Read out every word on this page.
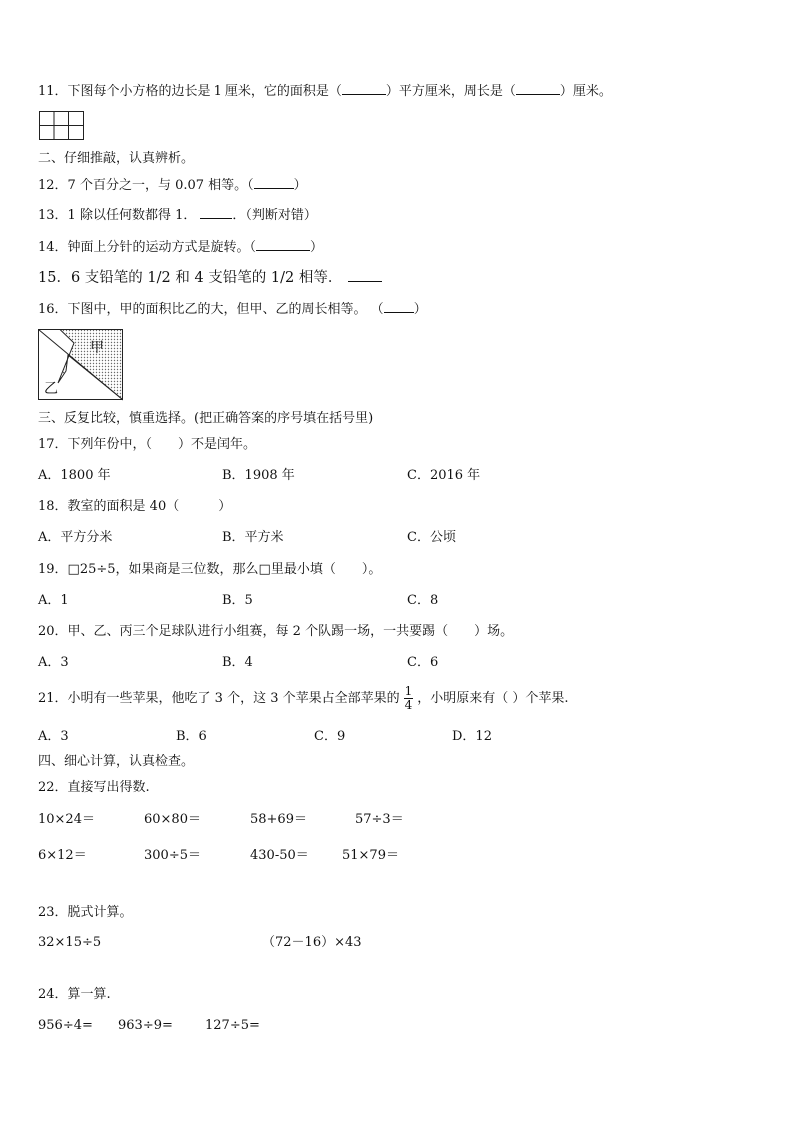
11．下图每个小方格的边长是 1 厘米，它的面积是（	）平方厘米，周长是（	）厘米。
二、仔细推敲，认真辨析。
12．7 个百分之一，与 0.07 相等。（	）
13．1 除以任何数都得 1．	．（判断对错）
14．钟面上分针的运动方式是旋转。（	）
15．6 支铅笔的 1/2 和 4 支铅笔的 1/2 相等．
16．下图中，甲的面积比乙的大，但甲、乙的周长相等。 （ ）
甲
乙
三、反复比较，慎重选择。(把正确答案的序号填在括号里)
17．下列年份中，（　　）不是闰年。
A．1800 年	B．1908 年	C．2016 年
18．教室的面积是 40（　　　）
A．平方分米	B．平方米	C．公顷
19．□25÷5，如果商是三位数，那么□里最小填（　　）。
A．1	B．5	C．8
20．甲、乙、丙三个足球队进行小组赛，每 2 个队踢一场，一共要踢（　　）场。
A．3	B．4	C．6
21．小明有一些苹果，他吃了 3 个，这 3 个苹果占全部苹果的 $\frac{1}{4}$ ，小明原来有（ ）个苹果.
A．3	B．6	C．9	D．12
四、细心计算，认真检查。
22．直接写出得数.
10×24＝	60×80＝	58+69＝	57÷3＝
6×12＝	300÷5＝	430-50＝	51×79＝
23．脱式计算。
32×15÷5	（72－16）×43
24．算一算.
956÷4= 963÷9= 127÷5=
